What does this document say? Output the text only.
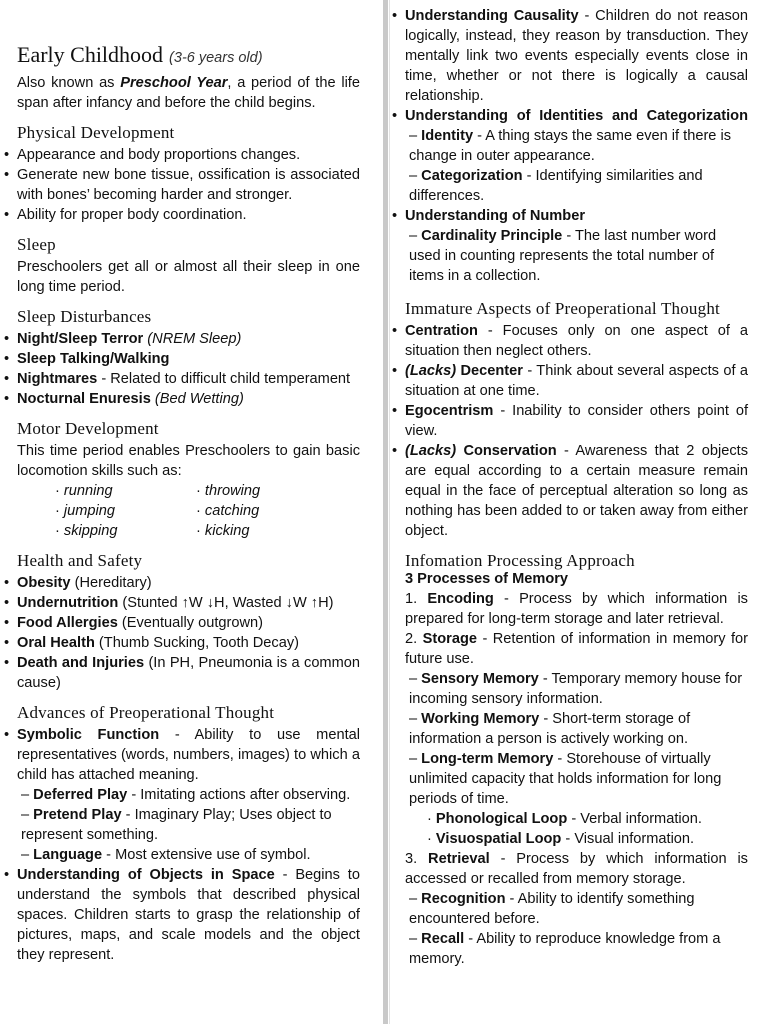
Early Childhood (3-6 years old)

Also known as Preschool Year, a period of the life span after infancy and before the child begins.

Physical Development
• Appearance and body proportions changes.
• Generate new bone tissue, ossification is associated with bones’ becoming harder and stronger.
• Ability for proper body coordination.
Sleep

Preschoolers get all or almost all their sleep in one long time period.

Sleep Disturbances
• Night/Sleep Terror (NREM Sleep)
• Sleep Talking/Walking
• Nightmares - Related to difficult child temperament
• Nocturnal Enuresis (Bed Wetting)
Motor Development

This time period enables Preschoolers to gain basic locomotion skills such as:

· running	· throwing
· jumping	· catching
· skipping	· kicking
Health and Safety
• Obesity (Hereditary)
• Undernutrition (Stunted ↑W ↓H, Wasted ↓W ↑H)
• Food Allergies (Eventually outgrown)
• Oral Health (Thumb Sucking, Tooth Decay)
• Death and Injuries (In PH, Pneumonia is a common cause)
Advances of Preoperational Thought
• Symbolic Function - Ability to use mental representatives (words, numbers, images) to which a child has attached meaning.
– Deferred Play - Imitating actions after observing.
– Pretend Play - Imaginary Play; Uses object to represent something.
– Language - Most extensive use of symbol.
• Understanding of Objects in Space - Begins to understand the symbols that described physical spaces. Children starts to grasp the relationship of pictures, maps, and scale models and the object they represent.
• Understanding Causality - Children do not reason logically, instead, they reason by transduction. They mentally link two events especially events close in time, whether or not there is logically a causal relationship.
• Understanding of Identities and Categorization
– Identity - A thing stays the same even if there is change in outer appearance.
– Categorization - Identifying similarities and differences.
• Understanding of Number
– Cardinality Principle - The last number word used in counting represents the total number of items in a collection.
Immature Aspects of Preoperational Thought
• Centration - Focuses only on one aspect of a situation then neglect others.
• (Lacks) Decenter - Think about several aspects of a situation at one time.
• Egocentrism - Inability to consider others point of view.
• (Lacks) Conservation - Awareness that 2 objects are equal according to a certain measure remain equal in the face of perceptual alteration so long as nothing has been added to or taken away from either object.
Infomation Processing Approach
3 Processes of Memory

1. Encoding - Process by which information is prepared for long-term storage and later retrieval.

2. Storage - Retention of information in memory for future use.

– Sensory Memory - Temporary memory house for incoming sensory information.
– Working Memory - Short-term storage of information a person is actively working on.
– Long-term Memory - Storehouse of virtually unlimited capacity that holds information for long periods of time.
· Phonological Loop - Verbal information.
· Visuospatial Loop - Visual information.

3. Retrieval - Process by which information is accessed or recalled from memory storage.

– Recognition - Ability to identify something encountered before.
– Recall - Ability to reproduce knowledge from a memory.
